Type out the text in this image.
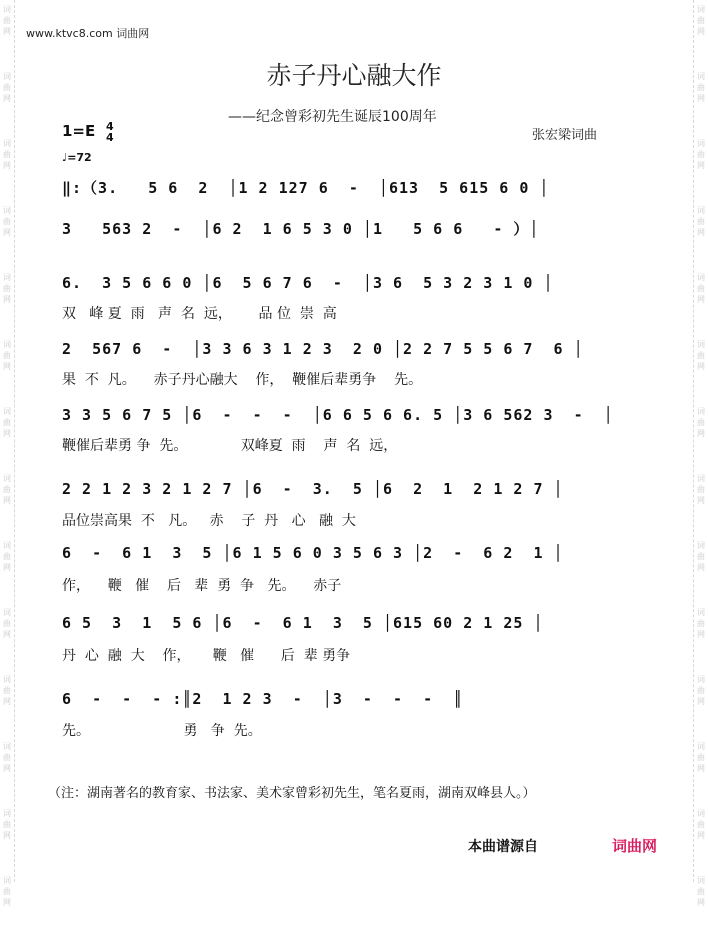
词
曲
网
词
曲
网
词
曲
网
词
曲
网
词
曲
网
词
曲
网
词
曲
网
词
曲
网
词
曲
网
词
曲
网
词
曲
网
词
曲
网
词
曲
网
词
曲
网
词
曲
网
词
曲
网
词
曲
网
词
曲
网
词
曲
网
词
曲
网
词
曲
网
词
曲
网
词
曲
网
词
曲
网
词
曲
网
词
曲
网
词
曲
网
词
曲
网
www.ktvc8.com 词曲网
赤子丹心融大作
——纪念曾彩初先生诞辰100周年
1=E 4
4
♩=72
张宏梁词曲
‖:（3.   5 6  2  │1 2 127 6  -  │613  5 615 6 0 │
3   563 2  -  │6 2  1 6 5 3 0 │1   5 6 6   - ）│
6.  3 5 6 6 0 │6  5 6 7 6  -  │3 6  5 3 2 3 1 0 │
双   峰 夏  雨   声  名  远，      品 位  崇  高
2  567 6  -  │3 3 6 3 1 2 3  2 0 │2 2 7 5 5 6 7  6 │
果  不  凡。    赤子丹心融大    作，  鞭催后辈勇争    先。
3 3 5 6 7 5 │6  -  -  -  │6 6 5 6 6. 5 │3 6 562 3  -  │
鞭催后辈勇 争  先。            双峰夏  雨    声  名  远，
2 2 1 2 3 2 1 2 7 │6  -  3.  5 │6  2  1  2 1 2 7 │
品位崇高果  不   凡。   赤    子  丹   心   融  大
6  -  6 1  3  5 │6 1 5 6 0 3 5 6 3 │2  -  6 2  1 │
作，    鞭   催    后   辈  勇  争   先。    赤子
6 5  3  1  5 6 │6  -  6 1  3  5 │615 60 2 1 25 │
丹  心  融  大    作，     鞭   催      后  辈 勇争
6  -  -  - :║2  1 2 3  -  │3  -  -  -  ║
先。                     勇   争  先。
（注：湖南著名的教育家、书法家、美术家曾彩初先生，笔名夏雨，湖南双峰县人。）
本曲谱源自	词曲网
